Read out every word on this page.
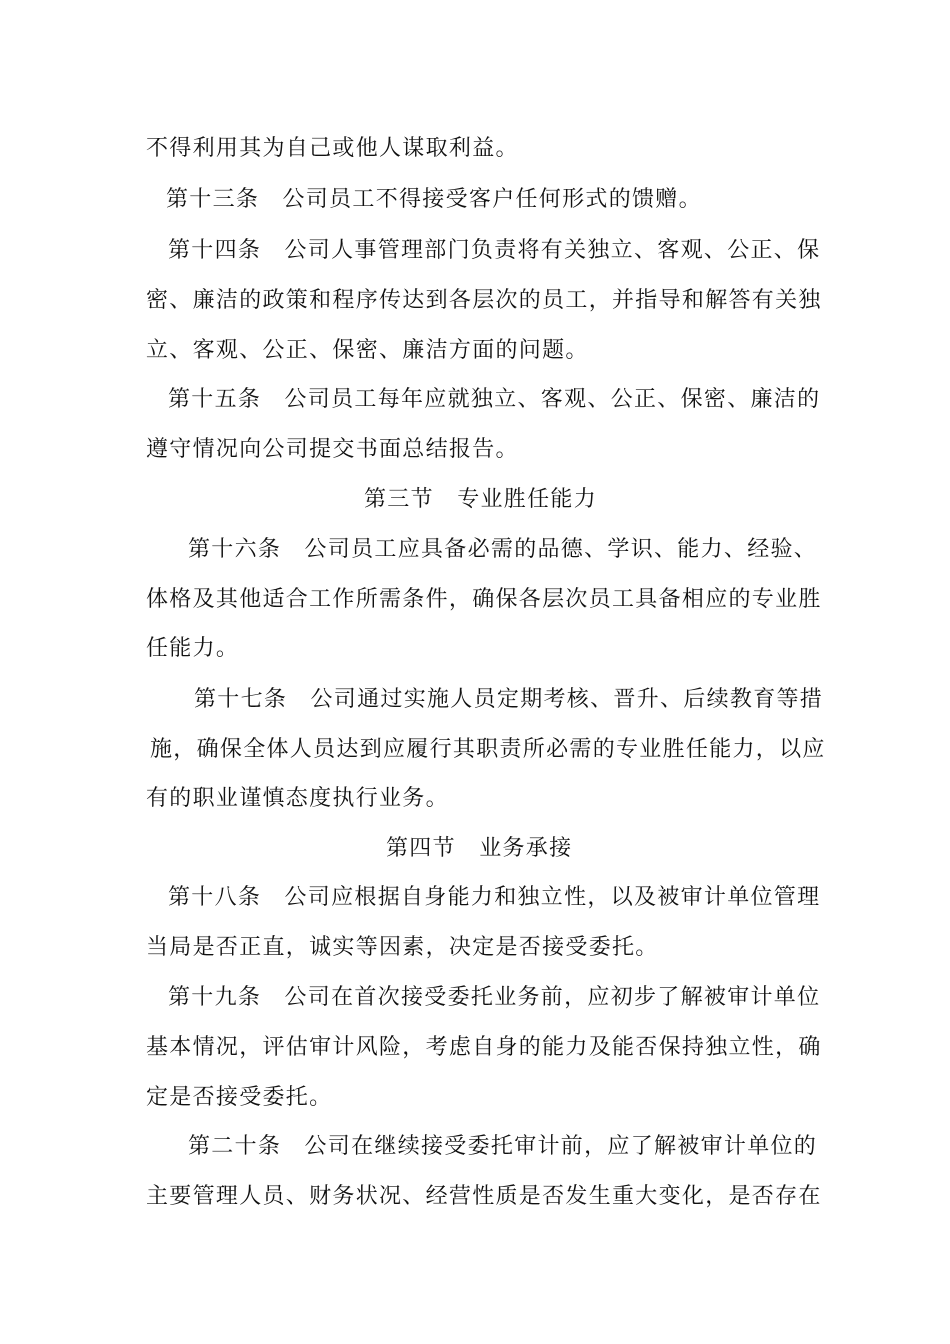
不得利用其为自己或他人谋取利益。
第十三条　公司员工不得接受客户任何形式的馈赠。
第十四条　公司人事管理部门负责将有关独立、客观、公正、保
密、廉洁的政策和程序传达到各层次的员工，并指导和解答有关独
立、客观、公正、保密、廉洁方面的问题。
第十五条　公司员工每年应就独立、客观、公正、保密、廉洁的
遵守情况向公司提交书面总结报告。
第三节　专业胜任能力
第十六条　公司员工应具备必需的品德、学识、能力、经验、
体格及其他适合工作所需条件，确保各层次员工具备相应的专业胜
任能力。
第十七条　公司通过实施人员定期考核、晋升、后续教育等措
施，确保全体人员达到应履行其职责所必需的专业胜任能力，以应
有的职业谨慎态度执行业务。
第四节　业务承接
第十八条　公司应根据自身能力和独立性，以及被审计单位管理
当局是否正直，诚实等因素，决定是否接受委托。
第十九条　公司在首次接受委托业务前，应初步了解被审计单位
基本情况，评估审计风险，考虑自身的能力及能否保持独立性，确
定是否接受委托。
第二十条　公司在继续接受委托审计前，应了解被审计单位的
主要管理人员、财务状况、经营性质是否发生重大变化，是否存在
